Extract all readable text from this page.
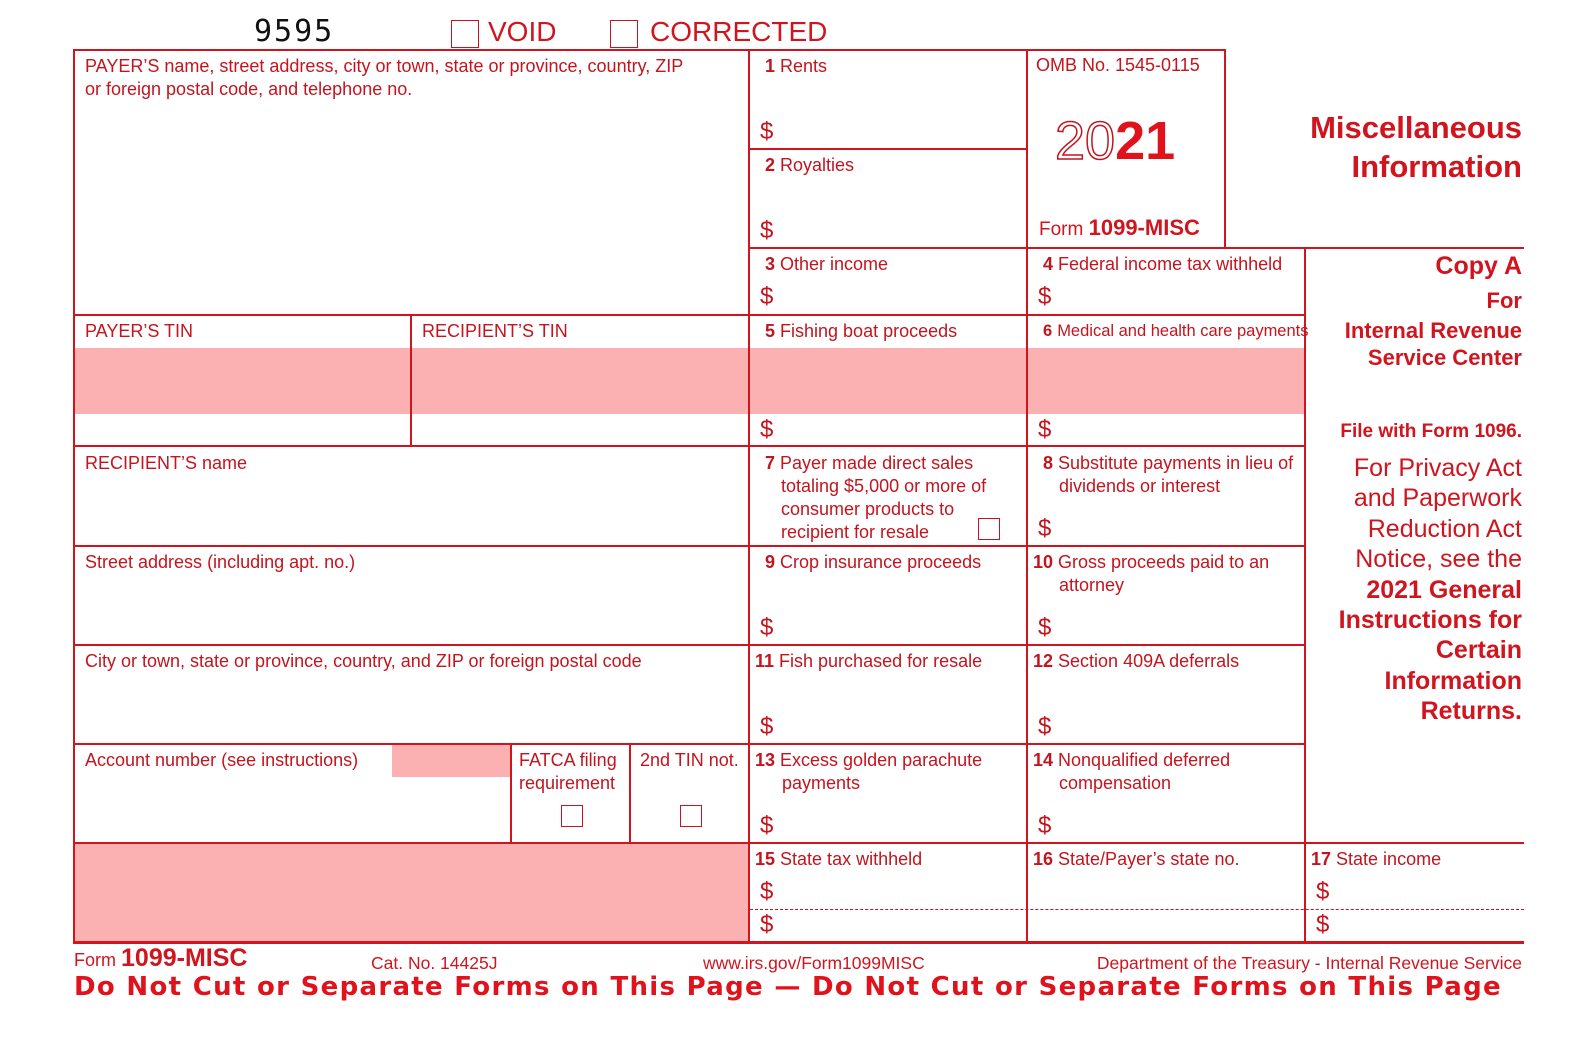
9595	VOID	CORRECTED
PAYER’S name, street address, city or town, state or province, country, ZIP
or foreign postal code, and telephone no.
PAYER’S TIN	RECIPIENT’S TIN
RECIPIENT’S name
Street address (including apt. no.)
City or town, state or province, country, and ZIP or foreign postal code
Account number (see instructions)	FATCA filing
requirement
2nd TIN not.
1 Rents
$
2 Royalties
$
3 Other income
$
5 Fishing boat proceeds
$
7 Payer made direct sales
totaling $5,000 or more of
consumer products to
recipient for resale
9 Crop insurance proceeds
$
11 Fish purchased for resale
$
13 Excess golden parachute
payments
$
15 State tax withheld
$
$
OMB No. 1545-0115
2021
Form 1099-MISC
4 Federal income tax withheld
$
6 Medical and health care payments
$
8 Substitute payments in lieu of
dividends or interest
$
10 Gross proceeds paid to an
attorney
$
12 Section 409A deferrals
$
14 Nonqualified deferred
compensation
$
16 State/Payer’s state no.	17 State income
$
$
Miscellaneous
Information
Copy A
For
Internal Revenue
Service Center
File with Form 1096.
For Privacy Act
and Paperwork
Reduction Act
Notice, see the
2021 General
Instructions for
Certain
Information
Returns.
Form 1099-MISC	Cat. No. 14425J	www.irs.gov/Form1099MISC	Department of the Treasury - Internal Revenue Service
Do Not Cut or Separate Forms on This Page — Do Not Cut or Separate Forms on This Page
